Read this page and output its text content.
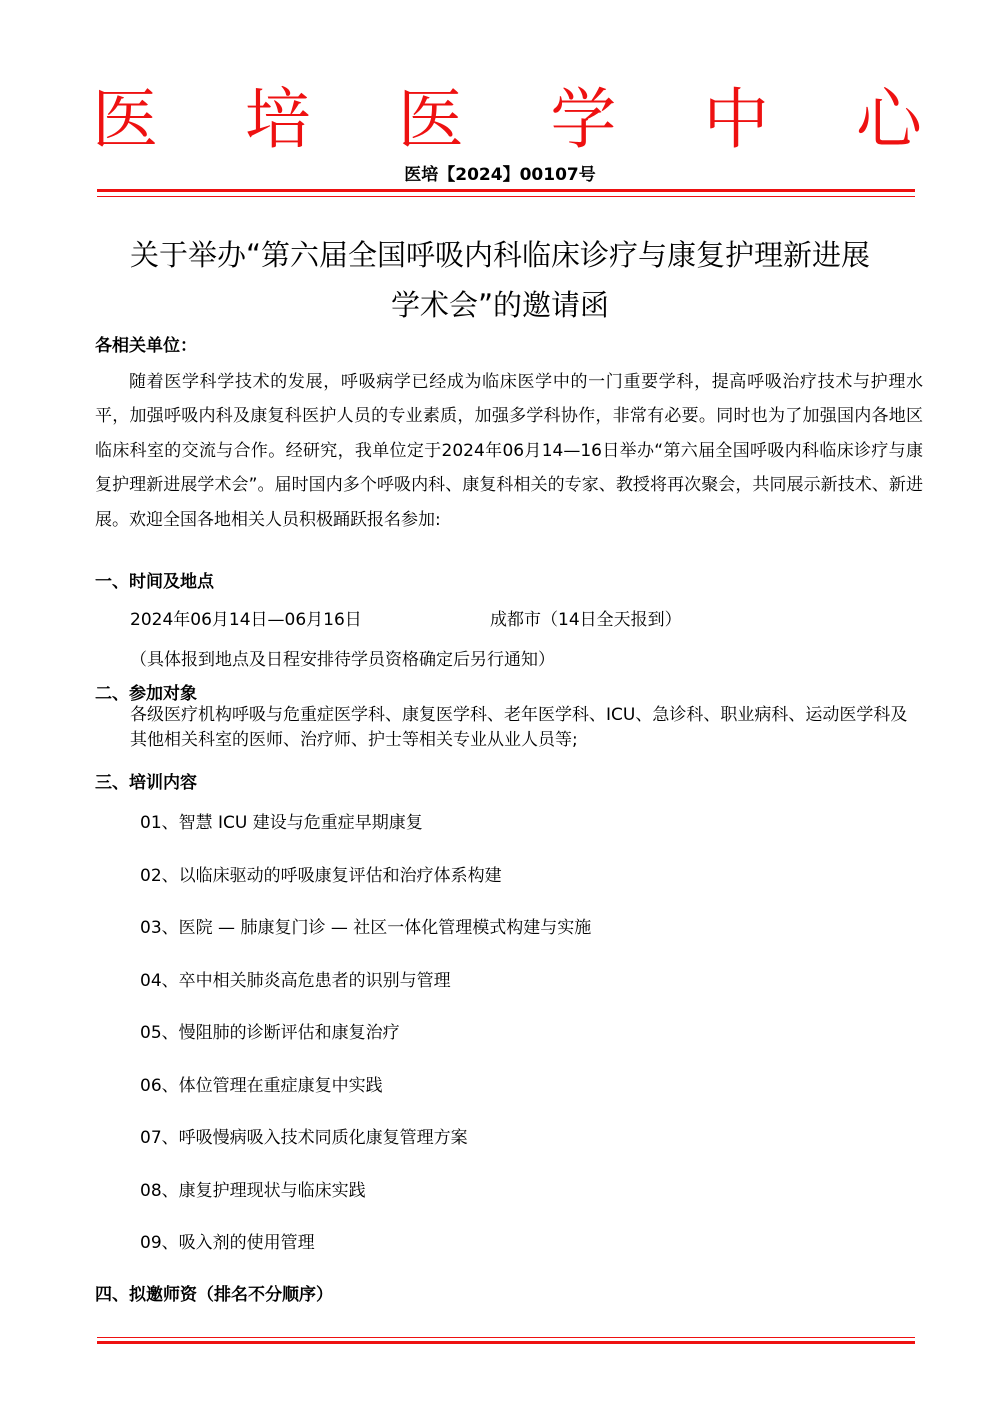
医 培 医 学 中 心
医培【2024】00107号
关于举办“第六届全国呼吸内科临床诊疗与康复护理新进展
学术会”的邀请函
各相关单位：
随着医学科学技术的发展，呼吸病学已经成为临床医学中的一门重要学科，提高呼吸治疗技术与护理水平，加强呼吸内科及康复科医护人员的专业素质，加强多学科协作，非常有必要。同时也为了加强国内各地区临床科室的交流与合作。经研究，我单位定于2024年06月14—16日举办“第六届全国呼吸内科临床诊疗与康复护理新进展学术会”。届时国内多个呼吸内科、康复科相关的专家、教授将再次聚会，共同展示新技术、新进展。欢迎全国各地相关人员积极踊跃报名参加:
一、时间及地点
2024年06月14日—06月16日	成都市（14日全天报到）
（具体报到地点及日程安排待学员资格确定后另行通知）
二、参加对象
各级医疗机构呼吸与危重症医学科、康复医学科、老年医学科、ICU、急诊科、职业病科、运动医学科及其他相关科室的医师、治疗师、护士等相关专业从业人员等;
三、培训内容
01、智慧 ICU 建设与危重症早期康复
02、以临床驱动的呼吸康复评估和治疗体系构建
03、医院 — 肺康复门诊 — 社区一体化管理模式构建与实施
04、卒中相关肺炎高危患者的识别与管理
05、慢阻肺的诊断评估和康复治疗
06、体位管理在重症康复中实践
07、呼吸慢病吸入技术同质化康复管理方案
08、康复护理现状与临床实践
09、吸入剂的使用管理
四、拟邀师资（排名不分顺序）
